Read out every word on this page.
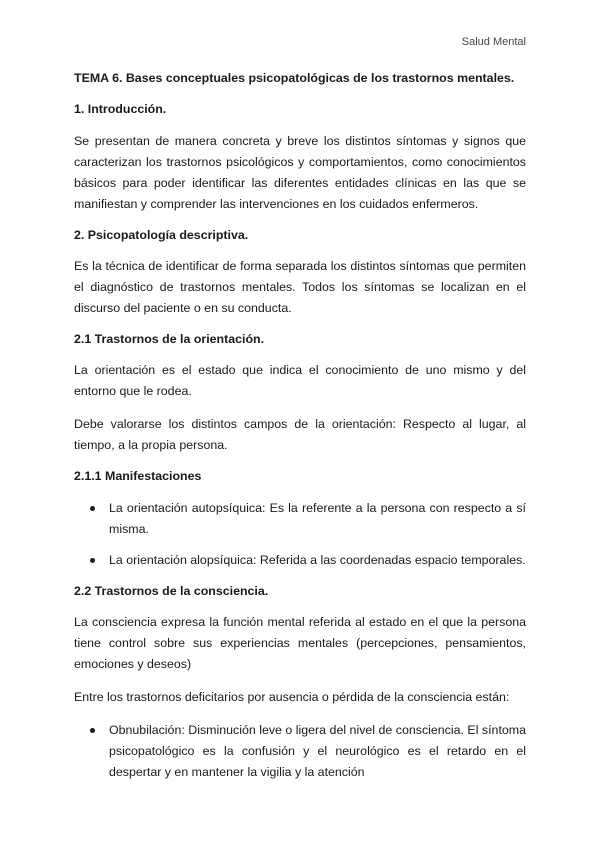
Salud Mental
TEMA 6. Bases conceptuales psicopatológicas de los trastornos mentales.
1. Introducción.

Se presentan de manera concreta y breve los distintos síntomas y signos que caracterizan los trastornos psicológicos y comportamientos, como conocimientos básicos para poder identificar las diferentes entidades clínicas en las que se manifiestan y comprender las intervenciones en los cuidados enfermeros.

2. Psicopatología descriptiva.

Es la técnica de identificar de forma separada los distintos síntomas que permiten el diagnóstico de trastornos mentales. Todos los síntomas se localizan en el discurso del paciente o en su conducta.

2.1 Trastornos de la orientación.

La orientación es el estado que indica el conocimiento de uno mismo y del entorno que le rodea.

Debe valorarse los distintos campos de la orientación: Respecto al lugar, al tiempo, a la propia persona.

2.1.1 Manifestaciones
La orientación autopsíquica: Es la referente a la persona con respecto a sí misma.
La orientación alopsíquica: Referida a las coordenadas espacio temporales.
2.2 Trastornos de la consciencia.

La consciencia expresa la función mental referida al estado en el que la persona tiene control sobre sus experiencias mentales (percepciones, pensamientos, emociones y deseos)

Entre los trastornos deficitarios por ausencia o pérdida de la consciencia están:

Obnubilación: Disminución leve o ligera del nivel de consciencia. El síntoma psicopatológico es la confusión y el neurológico es el retardo en el despertar y en mantener la vigilia y la atención
